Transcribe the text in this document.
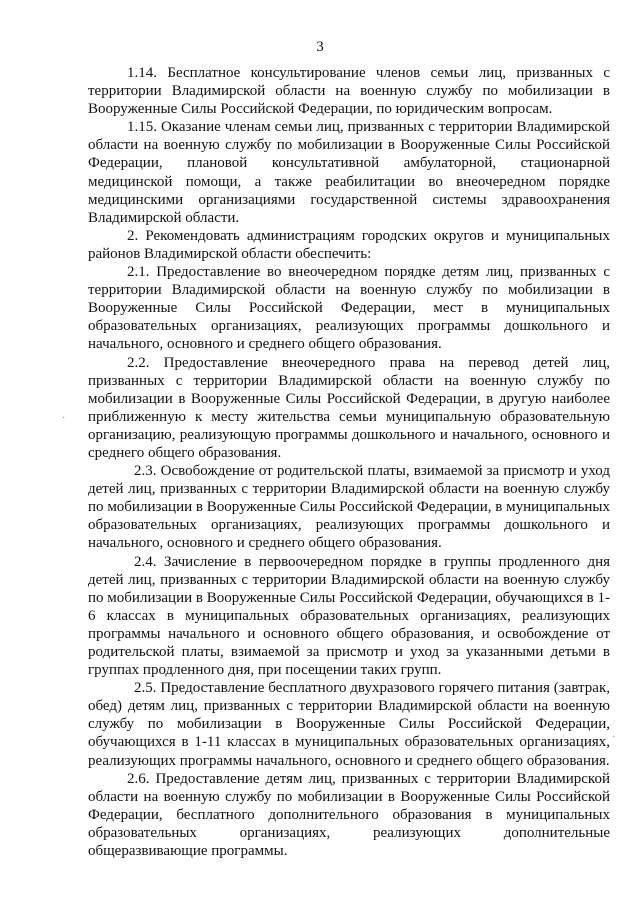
3

1.14. Бесплатное консультирование членов семьи лиц, призванных с территории Владимирской области на военную службу по мобилизации в Вооруженные Силы Российской Федерации, по юридическим вопросам.

1.15. Оказание членам семьи лиц, призванных с территории Владимирской области на военную службу по мобилизации в Вооруженные Силы Российской Федерации, плановой консультативной амбулаторной, стационарной медицинской помощи, а также реабилитации во внеочередном порядке медицинскими организациями государственной системы здравоохранения Владимирской области.

2. Рекомендовать администрациям городских округов и муниципальных районов Владимирской области обеспечить:

2.1. Предоставление во внеочередном порядке детям лиц, призванных с территории Владимирской области на военную службу по мобилизации в Вооруженные Силы Российской Федерации, мест в муниципальных образовательных организациях, реализующих программы дошкольного и начального, основного и среднего общего образования.

2.2. Предоставление внеочередного права на перевод детей лиц, призванных с территории Владимирской области на военную службу по мобилизации в Вооруженные Силы Российской Федерации, в другую наиболее приближенную к месту жительства семьи муниципальную образовательную организацию, реализующую программы дошкольного и начального, основного и среднего общего образования.

2.3. Освобождение от родительской платы, взимаемой за присмотр и уход детей лиц, призванных с территории Владимирской области на военную службу по мобилизации в Вооруженные Силы Российской Федерации, в муниципальных образовательных организациях, реализующих программы дошкольного и начального, основного и среднего общего образования.

2.4. Зачисление в первоочередном порядке в группы продленного дня детей лиц, призванных с территории Владимирской области на военную службу по мобилизации в Вооруженные Силы Российской Федерации, обучающихся в 1- 6 классах в муниципальных образовательных организациях, реализующих программы начального и основного общего образования, и освобождение от родительской платы, взимаемой за присмотр и уход за указанными детьми в группах продленного дня, при посещении таких групп.

2.5. Предоставление бесплатного двухразового горячего питания (завтрак, обед) детям лиц, призванных с территории Владимирской области на военную службу по мобилизации в Вооруженные Силы Российской Федерации, обучающихся в 1-11 классах в муниципальных образовательных организациях, реализующих программы начального, основного и среднего общего образования.

2.6. Предоставление детям лиц, призванных с территории Владимирской области на военную службу по мобилизации в Вооруженные Силы Российской Федерации, бесплатного дополнительного образования в муниципальных образовательных организациях, реализующих дополнительные общеразвивающие программы.

·
·
